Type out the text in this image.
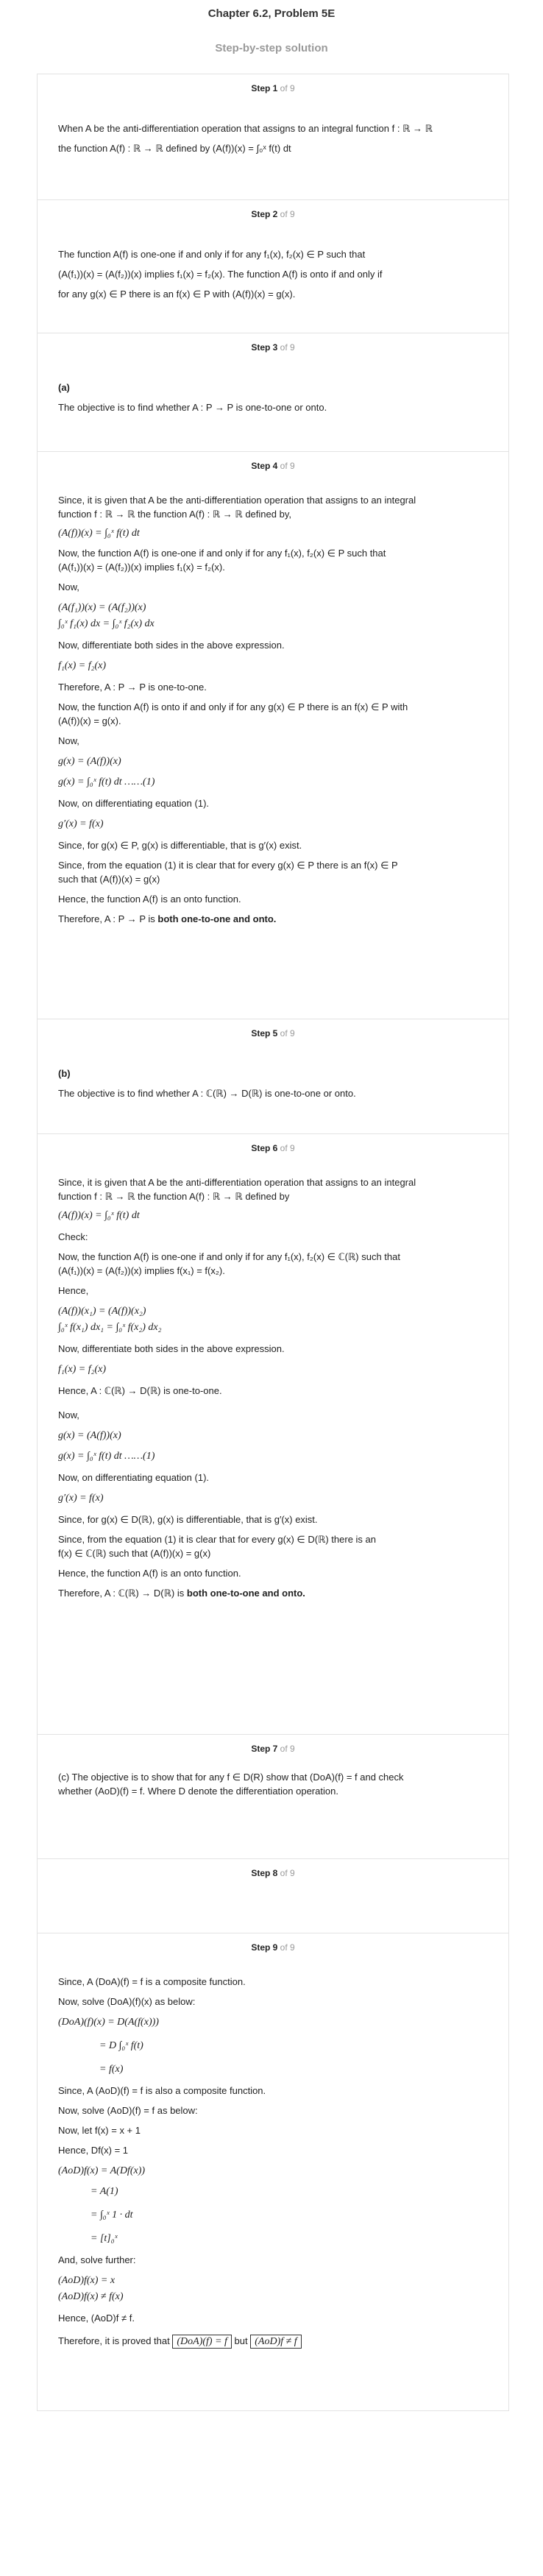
Chapter 6.2, Problem 5E
Step-by-step solution
Step 1 of 9
When A be the anti-differentiation operation that assigns to an integral function f : ℝ → ℝ
the function A(f) : ℝ → ℝ defined by (A(f))(x) = ∫₀ˣ f(t) dt
Step 2 of 9
The function A(f) is one-one if and only if for any f₁(x), f₂(x) ∈ P such that
(A(f₁))(x) = (A(f₂))(x) implies f₁(x) = f₂(x). The function A(f) is onto if and only if
for any g(x) ∈ P there is an f(x) ∈ P with (A(f))(x) = g(x).
Step 3 of 9
(a)
The objective is to find whether A : P → P is one-to-one or onto.
Step 4 of 9
Since, it is given that A be the anti-differentiation operation that assigns to an integral
function f : ℝ → ℝ the function A(f) : ℝ → ℝ defined by,
(A(f))(x) = ∫₀ˣ f(t) dt
Now, the function A(f) is one-one if and only if for any f₁(x), f₂(x) ∈ P such that
(A(f₁))(x) = (A(f₂))(x) implies f₁(x) = f₂(x).
Now,
(A(f₁))(x) = (A(f₂))(x)
∫₀ˣ f₁(x) dx = ∫₀ˣ f₂(x) dx
Now, differentiate both sides in the above expression.
f₁(x) = f₂(x)
Therefore, A : P → P is one-to-one.
Now, the function A(f) is onto if and only if for any g(x) ∈ P there is an f(x) ∈ P with
(A(f))(x) = g(x).
Now,
g(x) = (A(f))(x)
g(x) = ∫₀ˣ f(t) dt ……(1)
Now, on differentiating equation (1).
g′(x) = f(x)
Since, for g(x) ∈ P, g(x) is differentiable, that is g′(x) exist.
Since, from the equation (1) it is clear that for every g(x) ∈ P there is an f(x) ∈ P
such that (A(f))(x) = g(x)
Hence, the function A(f) is an onto function.
Therefore, A : P → P is both one-to-one and onto.
Step 5 of 9
(b)
The objective is to find whether A : ℂ(ℝ) → D(ℝ) is one-to-one or onto.
Step 6 of 9
Since, it is given that A be the anti-differentiation operation that assigns to an integral
function f : ℝ → ℝ the function A(f) : ℝ → ℝ defined by
(A(f))(x) = ∫₀ˣ f(t) dt
Check:
Now, the function A(f) is one-one if and only if for any f₁(x), f₂(x) ∈ ℂ(ℝ) such that
(A(f₁))(x) = (A(f₂))(x) implies f(x₁) = f(x₂).
Hence,
(A(f))(x₁) = (A(f))(x₂)
∫₀ˣ f(x₁) dx₁ = ∫₀ˣ f(x₂) dx₂
Now, differentiate both sides in the above expression.
f₁(x) = f₂(x)
Hence, A : ℂ(ℝ) → D(ℝ) is one-to-one.
Now,
g(x) = (A(f))(x)
g(x) = ∫₀ˣ f(t) dt ……(1)
Now, on differentiating equation (1).
g′(x) = f(x)
Since, for g(x) ∈ D(ℝ), g(x) is differentiable, that is g′(x) exist.
Since, from the equation (1) it is clear that for every g(x) ∈ D(ℝ) there is an
f(x) ∈ ℂ(ℝ) such that (A(f))(x) = g(x)
Hence, the function A(f) is an onto function.
Therefore, A : ℂ(ℝ) → D(ℝ) is both one-to-one and onto.
Step 7 of 9
(c) The objective is to show that for any f ∈ D(R) show that (DoA)(f) = f and check
whether (AoD)(f) = f. Where D denote the differentiation operation.
Step 8 of 9
Step 9 of 9
Since, A (DoA)(f) = f is a composite function.
Now, solve (DoA)(f)(x) as below:
(DoA)(f)(x) = D(A(f(x)))
= D ∫₀ˣ f(t)
= f(x)
Since, A (AoD)(f) = f is also a composite function.
Now, solve (AoD)(f) = f as below:
Now, let f(x) = x + 1
Hence, Df(x) = 1
(AoD)f(x) = A(Df(x))
= A(1)
= ∫₀ˣ 1 · dt
= [t]₀ˣ
And, solve further:
(AoD)f(x) = x
(AoD)f(x) ≠ f(x)
Hence, (AoD)f ≠ f.
Therefore, it is proved that (DoA)(f) = f but (AoD)f ≠ f
